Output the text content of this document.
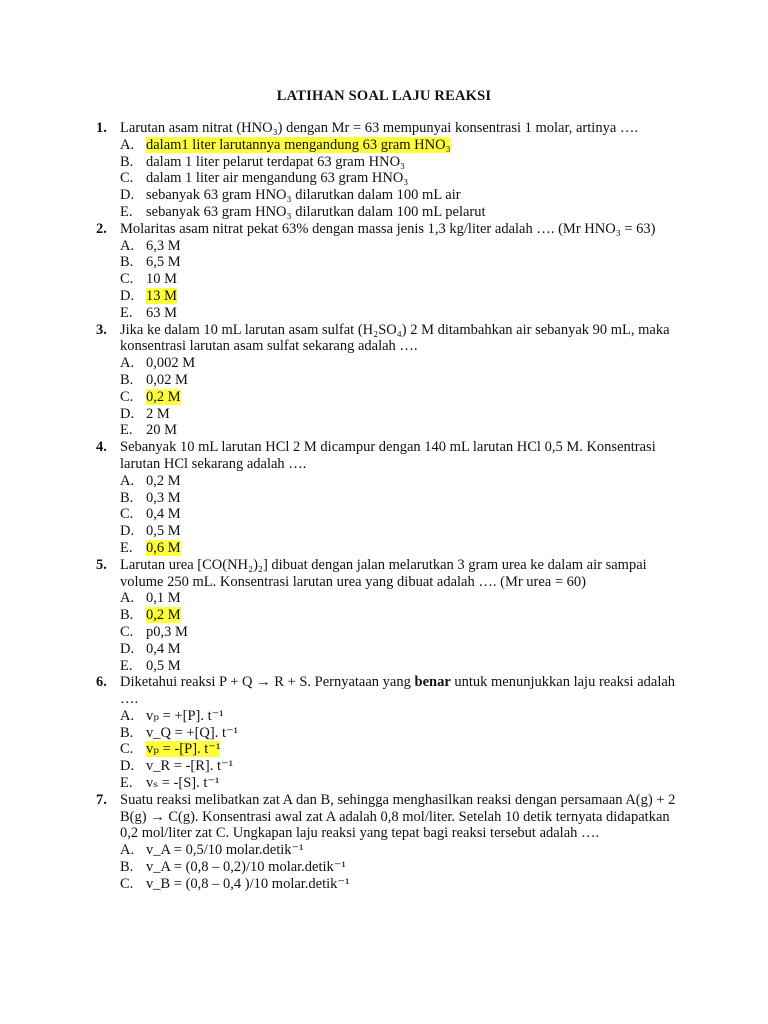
LATIHAN SOAL LAJU REAKSI
1. Larutan asam nitrat (HNO₃) dengan Mr = 63 mempunyai konsentrasi 1 molar, artinya ….
A. dalam1 liter larutannya mengandung 63 gram HNO₃
B. dalam 1 liter pelarut terdapat 63 gram HNO₃
C. dalam 1 liter air mengandung 63 gram HNO₃
D. sebanyak 63 gram HNO₃ dilarutkan dalam 100 mL air
E. sebanyak 63 gram HNO₃ dilarutkan dalam 100 mL pelarut
2. Molaritas asam nitrat pekat 63% dengan massa jenis 1,3 kg/liter adalah …. (Mr HNO₃ = 63)
A. 6,3 M
B. 6,5 M
C. 10 M
D. 13 M
E. 63 M
3. Jika ke dalam 10 mL larutan asam sulfat (H₂SO₄) 2 M ditambahkan air sebanyak 90 mL, maka konsentrasi larutan asam sulfat sekarang adalah ….
A. 0,002 M
B. 0,02 M
C. 0,2 M
D. 2 M
E. 20 M
4. Sebanyak 10 mL larutan HCl 2 M dicampur dengan 140 mL larutan HCl 0,5 M. Konsentrasi larutan HCl sekarang adalah ….
A. 0,2 M
B. 0,3 M
C. 0,4 M
D. 0,5 M
E. 0,6 M
5. Larutan urea [CO(NH₂)₂] dibuat dengan jalan melarutkan 3 gram urea ke dalam air sampai volume 250 mL. Konsentrasi larutan urea yang dibuat adalah …. (Mr urea = 60)
A. 0,1 M
B. 0,2 M
C. p0,3 M
D. 0,4 M
E. 0,5 M
6. Diketahui reaksi P + Q → R + S. Pernyataan yang benar untuk menunjukkan laju reaksi adalah ….
A. vₚ = +[P]. t⁻¹
B. v_Q = +[Q]. t⁻¹
C. vₚ = -[P]. t⁻¹
D. v_R = -[R]. t⁻¹
E. vₛ = -[S]. t⁻¹
7. Suatu reaksi melibatkan zat A dan B, sehingga menghasilkan reaksi dengan persamaan A(g) + 2 B(g) → C(g). Konsentrasi awal zat A adalah 0,8 mol/liter. Setelah 10 detik ternyata didapatkan 0,2 mol/liter zat C. Ungkapan laju reaksi yang tepat bagi reaksi tersebut adalah ….
A. v_A = 0,5/10 molar.detik⁻¹
B. v_A = (0,8 – 0,2)/10 molar.detik⁻¹
C. v_B = (0,8 – 0,4 )/10 molar.detik⁻¹
